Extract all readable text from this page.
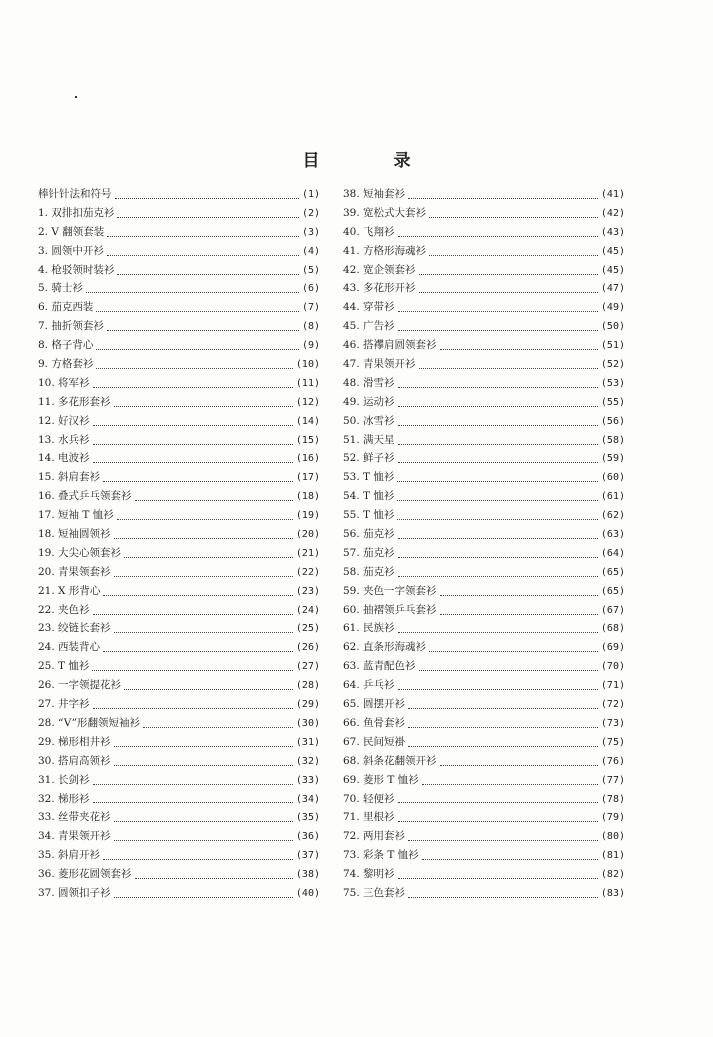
目 录
棒针针法和符号	(1)
1. 双排扣茄克衫	(2)
2. V 翻领套装	(3)
3. 圆领中开衫	(4)
4. 枪驳领时装衫	(5)
5. 骑士衫	(6)
6. 茄克西装	(7)
7. 抽折领套衫	(8)
8. 格子背心	(9)
9. 方格套衫	(10)
10. 将军衫	(11)
11. 多花形套衫	(12)
12. 好汉衫	(14)
13. 水兵衫	(15)
14. 电波衫	(16)
15. 斜肩套衫	(17)
16. 叠式乒乓领套衫	(18)
17. 短袖 T 恤衫	(19)
18. 短袖圆领衫	(20)
19. 大尖心领套衫	(21)
20. 青果领套衫	(22)
21. X 形背心	(23)
22. 夹色衫	(24)
23. 绞链长套衫	(25)
24. 西装背心	(26)
25. T 恤衫	(27)
26. 一字领提花衫	(28)
27. 井字衫	(29)
28. “V”形翻领短袖衫	(30)
29. 梯形相井衫	(31)
30. 搭肩高领衫	(32)
31. 长剑衫	(33)
32. 梯形衫	(34)
33. 丝带夹花衫	(35)
34. 青果领开衫	(36)
35. 斜肩开衫	(37)
36. 菱形花圆领套衫	(38)
37. 圆领扣子衫	(40)
38. 短袖套衫	(41)
39. 宽松式大套衫	(42)
40. 飞翔衫	(43)
41. 方格形海魂衫	(45)
42. 宽企领套衫	(45)
43. 多花形开衫	(47)
44. 穿带衫	(49)
45. 广告衫	(50)
46. 搭襻肩圆领套衫	(51)
47. 青果领开衫	(52)
48. 滑雪衫	(53)
49. 运动衫	(55)
50. 冰雪衫	(56)
51. 满天星	(58)
52. 鲜子衫	(59)
53. T 恤衫	(60)
54. T 恤衫	(61)
55. T 恤衫	(62)
56. 茄克衫	(63)
57. 茄克衫	(64)
58. 茄克衫	(65)
59. 夹色一字领套衫	(65)
60. 抽褶领乒乓套衫	(67)
61. 民族衫	(68)
62. 直条形海魂衫	(69)
63. 蓝青配色衫	(70)
64. 乒乓衫	(71)
65. 圆摆开衫	(72)
66. 鱼骨套衫	(73)
67. 民间短褂	(75)
68. 斜条花翻领开衫	(76)
69. 菱形 T 恤衫	(77)
70. 轻便衫	(78)
71. 里根衫	(79)
72. 两用套衫	(80)
73. 彩条 T 恤衫	(81)
74. 黎明衫	(82)
75. 三色套衫	(83)
